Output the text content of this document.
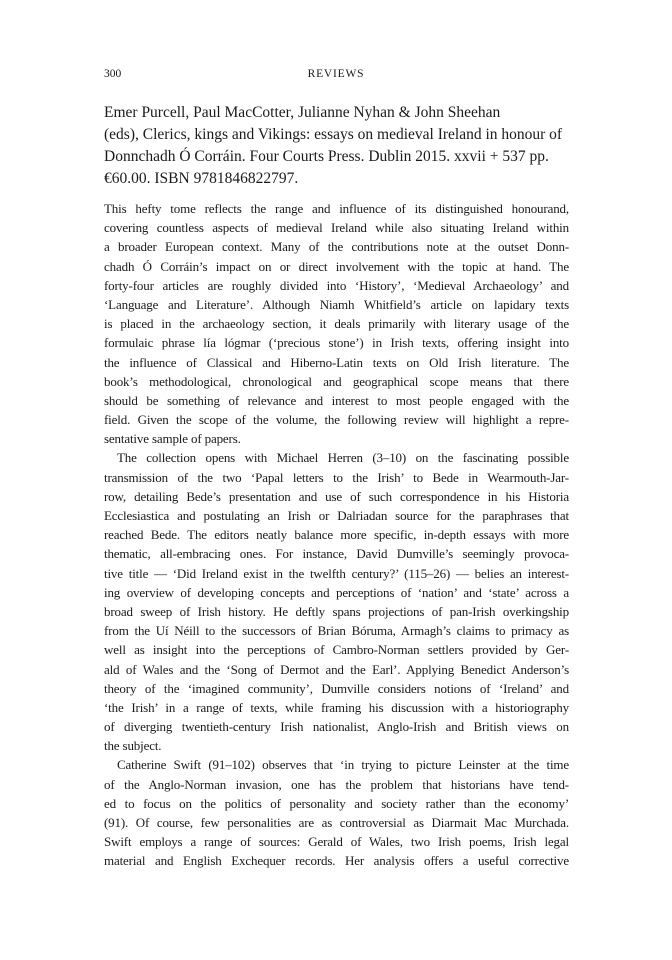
300	REVIEWS
Emer Purcell, Paul MacCotter, Julianne Nyhan & John Sheehan
(eds), Clerics, kings and Vikings: essays on medieval Ireland in honour of
Donnchadh Ó Corráin. Four Courts Press. Dublin 2015. xxvii + 537 pp.
€60.00. ISBN 9781846822797.
This hefty tome reflects the range and influence of its distinguished honourand,
covering countless aspects of medieval Ireland while also situating Ireland within
a broader European context. Many of the contributions note at the outset Donn-
chadh Ó Corráin’s impact on or direct involvement with the topic at hand. The
forty-four articles are roughly divided into ‘History’, ‘Medieval Archaeology’ and
‘Language and Literature’. Although Niamh Whitfield’s article on lapidary texts
is placed in the archaeology section, it deals primarily with literary usage of the
formulaic phrase lía lógmar (‘precious stone’) in Irish texts, offering insight into
the influence of Classical and Hiberno-Latin texts on Old Irish literature. The
book’s methodological, chronological and geographical scope means that there
should be something of relevance and interest to most people engaged with the
field. Given the scope of the volume, the following review will highlight a repre-
sentative sample of papers.
The collection opens with Michael Herren (3–10) on the fascinating possible
transmission of the two ‘Papal letters to the Irish’ to Bede in Wearmouth-Jar-
row, detailing Bede’s presentation and use of such correspondence in his Historia
Ecclesiastica and postulating an Irish or Dalriadan source for the paraphrases that
reached Bede. The editors neatly balance more specific, in-depth essays with more
thematic, all-embracing ones. For instance, David Dumville’s seemingly provoca-
tive title — ‘Did Ireland exist in the twelfth century?’ (115–26) — belies an interest-
ing overview of developing concepts and perceptions of ‘nation’ and ‘state’ across a
broad sweep of Irish history. He deftly spans projections of pan-Irish overkingship
from the Uí Néill to the successors of Brian Bóruma, Armagh’s claims to primacy as
well as insight into the perceptions of Cambro-Norman settlers provided by Ger-
ald of Wales and the ‘Song of Dermot and the Earl’. Applying Benedict Anderson’s
theory of the ‘imagined community’, Dumville considers notions of ‘Ireland’ and
‘the Irish’ in a range of texts, while framing his discussion with a historiography
of diverging twentieth-century Irish nationalist, Anglo-Irish and British views on
the subject.
Catherine Swift (91–102) observes that ‘in trying to picture Leinster at the time
of the Anglo-Norman invasion, one has the problem that historians have tend-
ed to focus on the politics of personality and society rather than the economy’
(91). Of course, few personalities are as controversial as Diarmait Mac Murchada.
Swift employs a range of sources: Gerald of Wales, two Irish poems, Irish legal
material and English Exchequer records. Her analysis offers a useful corrective
